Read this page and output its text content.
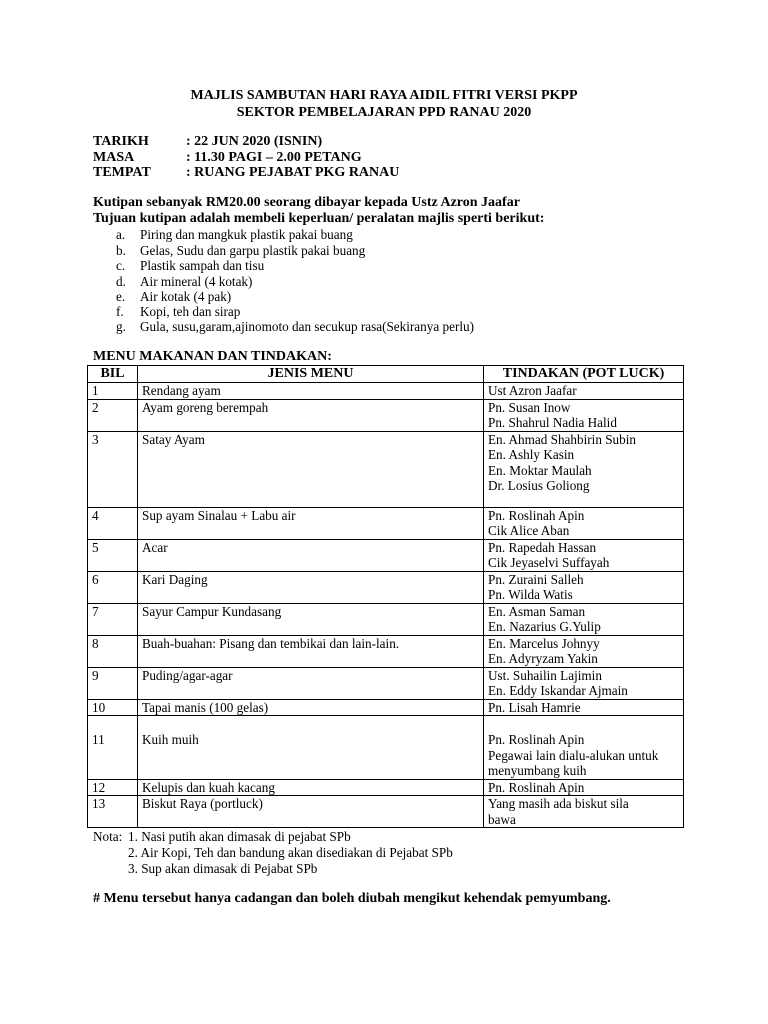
MAJLIS SAMBUTAN HARI RAYA AIDIL FITRI VERSI PKPP
SEKTOR PEMBELAJARAN PPD RANAU 2020
TARIKH	: 22 JUN 2020 (ISNIN)
MASA	: 11.30 PAGI – 2.00 PETANG
TEMPAT	: RUANG PEJABAT PKG RANAU
Kutipan sebanyak RM20.00 seorang dibayar kepada Ustz Azron Jaafar
Tujuan kutipan adalah membeli keperluan/ peralatan majlis sperti berikut:
a. Piring dan mangkuk plastik pakai buang
b. Gelas, Sudu dan garpu plastik pakai buang
c. Plastik sampah dan tisu
d. Air mineral (4 kotak)
e. Air kotak (4 pak)
f. Kopi, teh dan sirap
g. Gula, susu,garam,ajinomoto dan secukup rasa(Sekiranya perlu)
MENU MAKANAN DAN TINDAKAN:
BIL	JENIS MENU	TINDAKAN (POT LUCK)
1	Rendang ayam	Ust Azron Jaafar

2	Ayam goreng berempah	Pn. Susan Inow
Pn. Shahrul Nadia Halid

3	Satay Ayam	En. Ahmad Shahbirin Subin
En. Ashly Kasin
En. Moktar Maulah
Dr. Losius Goliong

4	Sup ayam Sinalau + Labu air	Pn. Roslinah Apin
Cik Alice Aban

5	Acar	Pn. Rapedah Hassan
Cik Jeyaselvi Suffayah

6	Kari Daging	Pn. Zuraini Salleh
Pn. Wilda Watis

7	Sayur Campur Kundasang	En. Asman Saman
En. Nazarius G.Yulip

8	Buah-buahan: Pisang dan tembikai dan lain-lain.	En. Marcelus Johnyy
En. Adyryzam Yakin

9	Puding/agar-agar	Ust. Suhailin Lajimin
En. Eddy Iskandar Ajmain

10	Tapai manis (100 gelas)	Pn. Lisah Hamrie

11	Kuih muih	Pn. Roslinah Apin
Pegawai lain dialu-alukan untuk
menyumbang kuih

12	Kelupis dan kuah kacang	Pn. Roslinah Apin

13	Biskut Raya (portluck)	Yang masih ada biskut sila
bawa
Nota: 1. Nasi putih akan dimasak di pejabat SPb
2. Air Kopi, Teh dan bandung akan disediakan di Pejabat SPb
3. Sup akan dimasak di Pejabat SPb
# Menu tersebut hanya cadangan dan boleh diubah mengikut kehendak pemyumbang.
